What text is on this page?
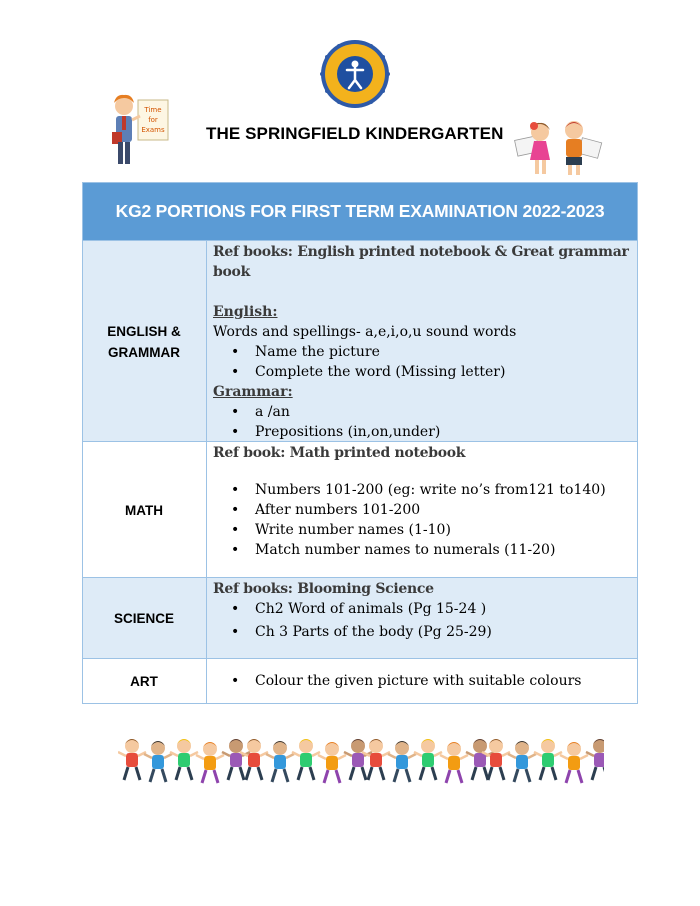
Time
for
Exams THE SPRINGFIELD KINDERGARTEN
KG2 PORTIONS FOR FIRST TERM EXAMINATION 2022-2023
ENGLISH &
GRAMMAR
Ref books: English printed notebook & Great grammar book
English:
Words and spellings- a,e,i,o,u sound words
• Name the picture
• Complete the word (Missing letter)
Grammar:
• a /an
• Prepositions (in,on,under)
MATH
Ref book: Math printed notebook
• Numbers 101-200 (eg: write no’s from121 to140)
• After numbers 101-200
• Write number names (1-10)
• Match number names to numerals (11-20)
SCIENCE
Ref books: Blooming Science
• Ch2 Word of animals (Pg 15-24 )
• Ch 3 Parts of the body (Pg 25-29)
ART
•	Colour the given picture with suitable colours
